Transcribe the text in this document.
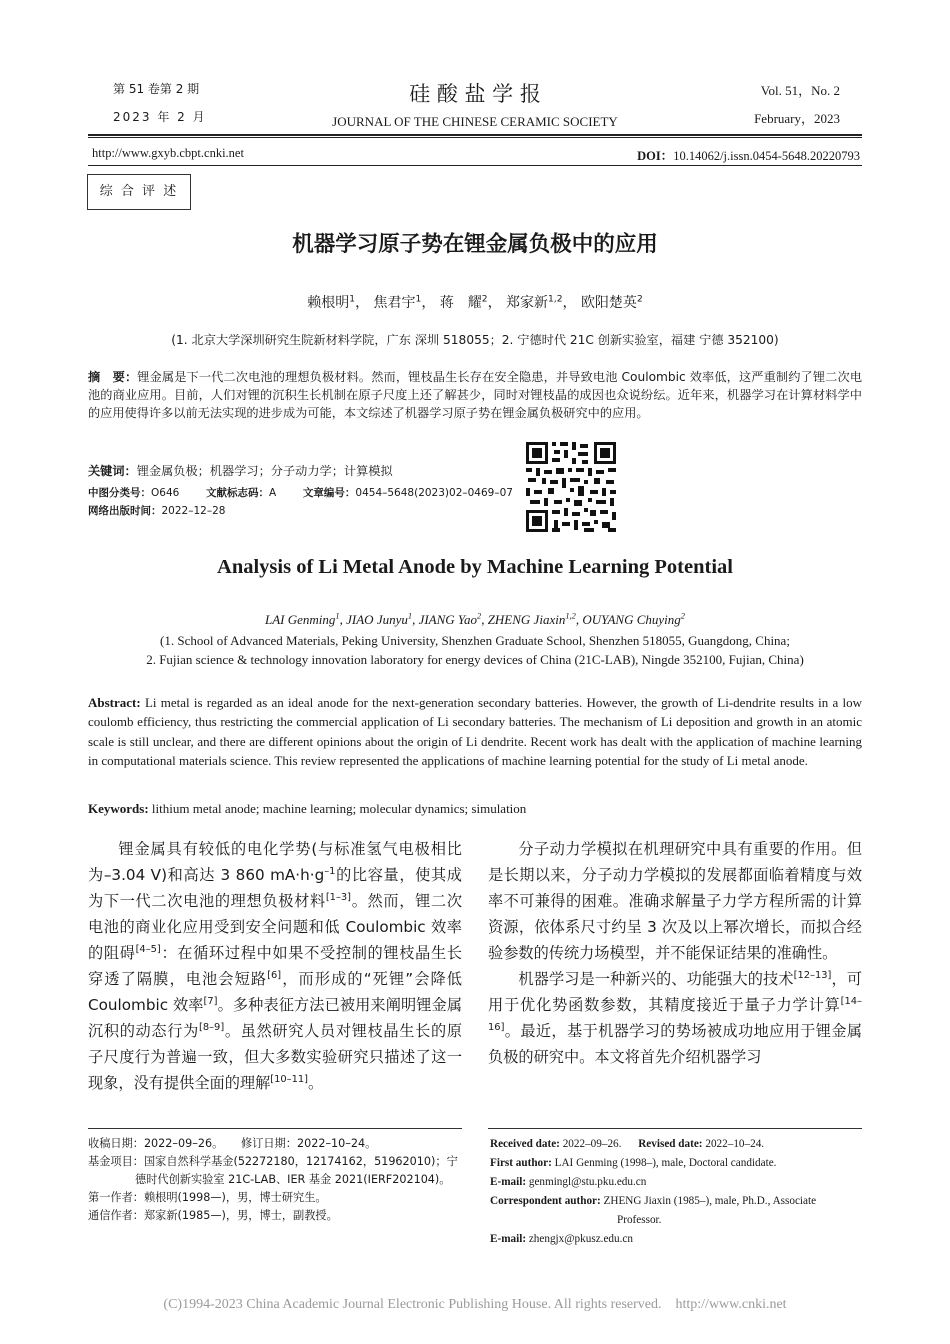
第 51 卷第 2 期
2023 年 2 月
硅 酸 盐 学 报
JOURNAL OF THE CHINESE CERAMIC SOCIETY
Vol. 51，No. 2
February，2023
http://www.gxyb.cbpt.cnki.net	DOI：10.14062/j.issn.0454-5648.20220793
综 合 评 述
机器学习原子势在锂金属负极中的应用
赖根明$^1$， 焦君宇$^1$， 蒋　耀$^2$， 郑家新$^{1,2}$， 欧阳楚英$^2$
(1. 北京大学深圳研究生院新材料学院，广东 深圳 518055；2. 宁德时代 21C 创新实验室，福建 宁德 352100)
摘　要：锂金属是下一代二次电池的理想负极材料。然而，锂枝晶生长存在安全隐患，并导致电池 Coulombic 效率低，这严重制约了锂二次电池的商业应用。目前，人们对锂的沉积生长机制在原子尺度上还了解甚少，同时对锂枝晶的成因也众说纷纭。近年来，机器学习在计算材料学中的应用使得许多以前无法实现的进步成为可能，本文综述了机器学习原子势在锂金属负极研究中的应用。
关键词：锂金属负极；机器学习；分子动力学；计算模拟
中图分类号：O646	文献标志码：A	文章编号：0454–5648(2023)02–0469–07
网络出版时间：2022–12–28
Analysis of Li Metal Anode by Machine Learning Potential
LAI Genming$^1$, JIAO Junyu$^1$, JIANG Yao$^2$, ZHENG Jiaxin$^{1,2}$, OUYANG Chuying$^2$
(1. School of Advanced Materials, Peking University, Shenzhen Graduate School, Shenzhen 518055, Guangdong, China;
2. Fujian science & technology innovation laboratory for energy devices of China (21C-LAB), Ningde 352100, Fujian, China)
Abstract: Li metal is regarded as an ideal anode for the next-generation secondary batteries. However, the growth of Li-dendrite results in a low coulomb efficiency, thus restricting the commercial application of Li secondary batteries. The mechanism of Li deposition and growth in an atomic scale is still unclear, and there are different opinions about the origin of Li dendrite. Recent work has dealt with the application of machine learning in computational materials science. This review represented the applications of machine learning potential for the study of Li metal anode.
Keywords: lithium metal anode; machine learning; molecular dynamics; simulation

锂金属具有较低的电化学势(与标准氢气电极相比为–3.04 V)和高达 3 860 $mA\cdot h\cdot g^{-1}$的比容量，使其成为下一代二次电池的理想负极材料[1–3]。然而，锂二次电池的商业化应用受到安全问题和低 Coulombic 效率的阻碍[4–5]：在循环过程中如果不受控制的锂枝晶生长穿透了隔膜，电池会短路[6]，而形成的“死锂”会降低 Coulombic 效率[7]。多种表征方法已被用来阐明锂金属沉积的动态行为[8–9]。虽然研究人员对锂枝晶生长的原子尺度行为普遍一致，但大多数实验研究只描述了这一现象，没有提供全面的理解[10–11]。

分子动力学模拟在机理研究中具有重要的作用。但是长期以来，分子动力学模拟的发展都面临着精度与效率不可兼得的困难。准确求解量子力学方程所需的计算资源，依体系尺寸约呈 3 次及以上幂次增长，而拟合经验参数的传统力场模型，并不能保证结果的准确性。

机器学习是一种新兴的、功能强大的技术[12–13]，可用于优化势函数参数，其精度接近于量子力学计算[14–16]。最近，基于机器学习的势场被成功地应用于锂金属负极的研究中。本文将首先介绍机器学习

收稿日期：2022–09–26。 修订日期：2022–10–24。
基金项目：国家自然科学基金(52272180，12174162，51962010)；宁德时代创新实验室 21C-LAB、IER 基金 2021(IERF202104)。
第一作者：赖根明(1998—)，男，博士研究生。
通信作者：郑家新(1985—)，男，博士，副教授。
Received date: 2022–09–26. Revised date: 2022–10–24.
First author: LAI Genming (1998–), male, Doctoral candidate.
E-mail: genmingl@stu.pku.edu.cn
Correspondent author: ZHENG Jiaxin (1985–), male, Ph.D., Associate
Professor.
E-mail: zhengjx@pkusz.edu.cn
(C)1994-2023 China Academic Journal Electronic Publishing House. All rights reserved.    http://www.cnki.net
